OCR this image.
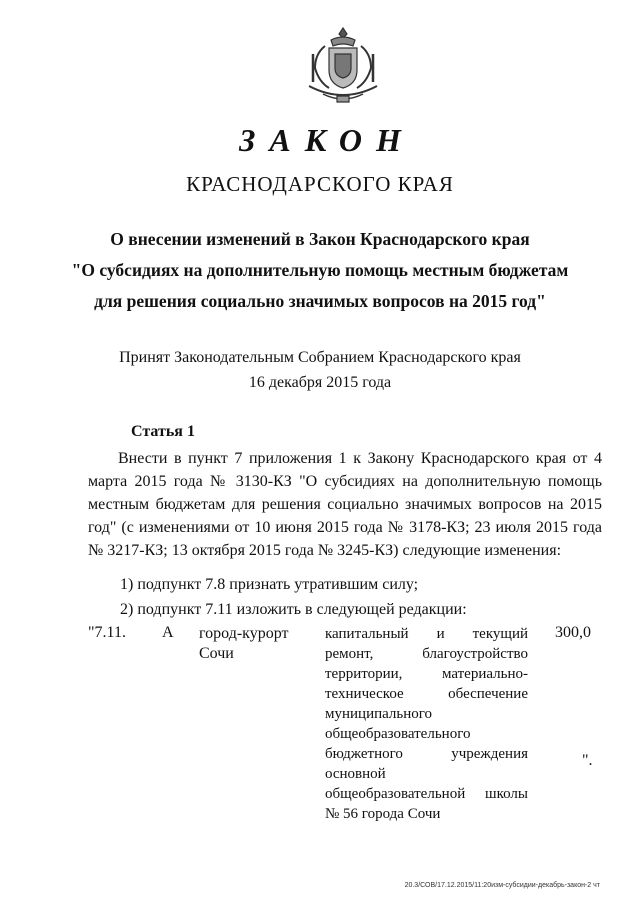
ЗАКОН
КРАСНОДАРСКОГО КРАЯ
О внесении изменений в Закон Краснодарского края
"О субсидиях на дополнительную помощь местным бюджетам
для решения социально значимых вопросов на 2015 год"
Принят Законодательным Собранием Краснодарского края
16 декабря 2015 года
Статья 1
Внести в пункт 7 приложения 1 к Закону Краснодарского края от 4 марта 2015 года № 3130-КЗ "О субсидиях на дополнительную помощь местным бюджетам для решения социально значимых вопросов на 2015 год" (с изменениями от 10 июня 2015 года № 3178-КЗ; 23 июля 2015 года № 3217-КЗ; 13 октября 2015 года № 3245-КЗ) следующие изменения:
1) подпункт 7.8 признать утратившим силу;
2) подпункт 7.11 изложить в следующей редакции:
"7.11. А город-курорт Сочи
капитальный и текущий ремонт, благоустройство территории, материально-техническое обеспечение муниципального общеобразовательного бюджетного учреждения основной общеобразовательной школы № 56 города Сочи
300,0
".
20.3/СОВ/17.12.2015/11:20изм-субсидии-декабрь-закон-2 чт
